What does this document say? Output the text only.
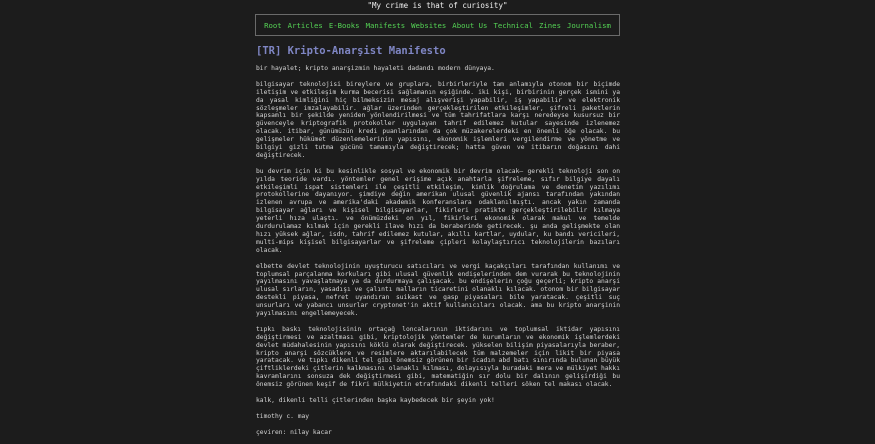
"My crime is that of curiosity"
Root Articles E-Books Manifests Websites About Us Technical Zines Journalism
[TR] Kripto-Anarşist Manifesto

bir hayalet; kripto anarşizmin hayaleti dadandı modern dünyaya.

bilgisayar teknolojisi bireylere ve gruplara, birbirleriyle tam anlamıyla otonom bir biçimde iletişim ve etkileşim kurma becerisi sağlamanın eşiğinde. iki kişi, birbirinin gerçek ismini ya da yasal kimliğini hiç bilmeksizin mesaj alışverişi yapabilir, iş yapabilir ve elektronik sözleşmeler imzalayabilir. ağlar üzerinden gerçekleştirilen etkileşimler, şifreli paketlerin kapsamlı bir şekilde yeniden yönlendirilmesi ve tüm tahrifatlara karşı neredeyse kusursuz bir güvenceyle kriptografik protokoller uygulayan tahrif edilemez kutular sayesinde izlenemez olacak. itibar, günümüzün kredi puanlarından da çok müzakerelerdeki en önemli öğe olacak. bu gelişmeler hükümet düzenlemelerinin yapısını, ekonomik işlemleri vergilendirme ve yönetme ve bilgiyi gizli tutma gücünü tamamıyla değiştirecek; hatta güven ve itibarın doğasını dahi değiştirecek.

bu devrim için ki bu kesinlikle sosyal ve ekonomik bir devrim olacak— gerekli teknoloji son on yılda teoride vardı. yöntemler genel erişime açık anahtarla şifreleme, sıfır bilgiye dayalı etkileşimli ispat sistemleri ile çeşitli etkileşim, kimlik doğrulama ve denetim yazılımı protokollerine dayanıyor. şimdiye değin amerikan ulusal güvenlik ajansı tarafından yakından izlenen avrupa ve amerika'daki akademik konferanslara odaklanılmıştı. ancak yakın zamanda bilgisayar ağları ve kişisel bilgisayarlar, fikirleri pratikte gerçekleştirilebilir kılmaya yeterli hıza ulaştı. ve önümüzdeki on yıl, fikirleri ekonomik olarak makul ve temelde durdurulamaz kılmak için gerekli ilave hızı da beraberinde getirecek. şu anda gelişmekte olan hızı yüksek ağlar, isdn, tahrif edilemez kutular, akıllı kartlar, uydular, ku bandı vericileri, multi-mips kişisel bilgisayarlar ve şifreleme çipleri kolaylaştırıcı teknolojilerin bazıları olacak.

elbette devlet teknolojinin uyuşturucu satıcıları ve vergi kaçakçıları tarafından kullanımı ve toplumsal parçalanma korkuları gibi ulusal güvenlik endişelerinden dem vurarak bu teknolojinin yayılmasını yavaşlatmaya ya da durdurmaya çalışacak. bu endişelerin çoğu geçerli; kripto anarşi ulusal sırların, yasadışı ve çalıntı malların ticaretini olanaklı kılacak. otonom bir bilgisayar destekli piyasa, nefret uyandıran suikast ve gasp piyasaları bile yaratacak. çeşitli suç unsurları ve yabancı unsurlar cryptonet'in aktif kullanıcıları olacak. ama bu kripto anarşinin yayılmasını engellemeyecek.

tıpkı baskı teknolojisinin ortaçağ loncalarının iktidarını ve toplumsal iktidar yapısını değiştirmesi ve azaltması gibi, kriptolojik yöntemler de kurumların ve ekonomik işlemlerdeki devlet müdahalesinin yapısını köklü olarak değiştirecek. yükselen bilişim piyasalarıyla beraber, kripto anarşi sözcüklere ve resimlere aktarılabilecek tüm malzemeler için likit bir piyasa yaratacak. ve tıpkı dikenli tel gibi önemsiz görünen bir icadın abd batı sınırında bulunan büyük çiftliklerdeki çitlerin kalkmasını olanaklı kılması, dolayısıyla buradaki mera ve mülkiyet hakkı kavramlarını sonsuza dek değiştirmesi gibi, matematiğin sır dolu bir dalının gelişirdiği bu önemsiz görünen keşif de fikri mülkiyetin etrafındaki dikenli telleri söken tel makası olacak.

kalk, dikenli telli çitlerinden başka kaybedecek bir şeyin yok!

timothy c. may

çeviren: nilay kacar
